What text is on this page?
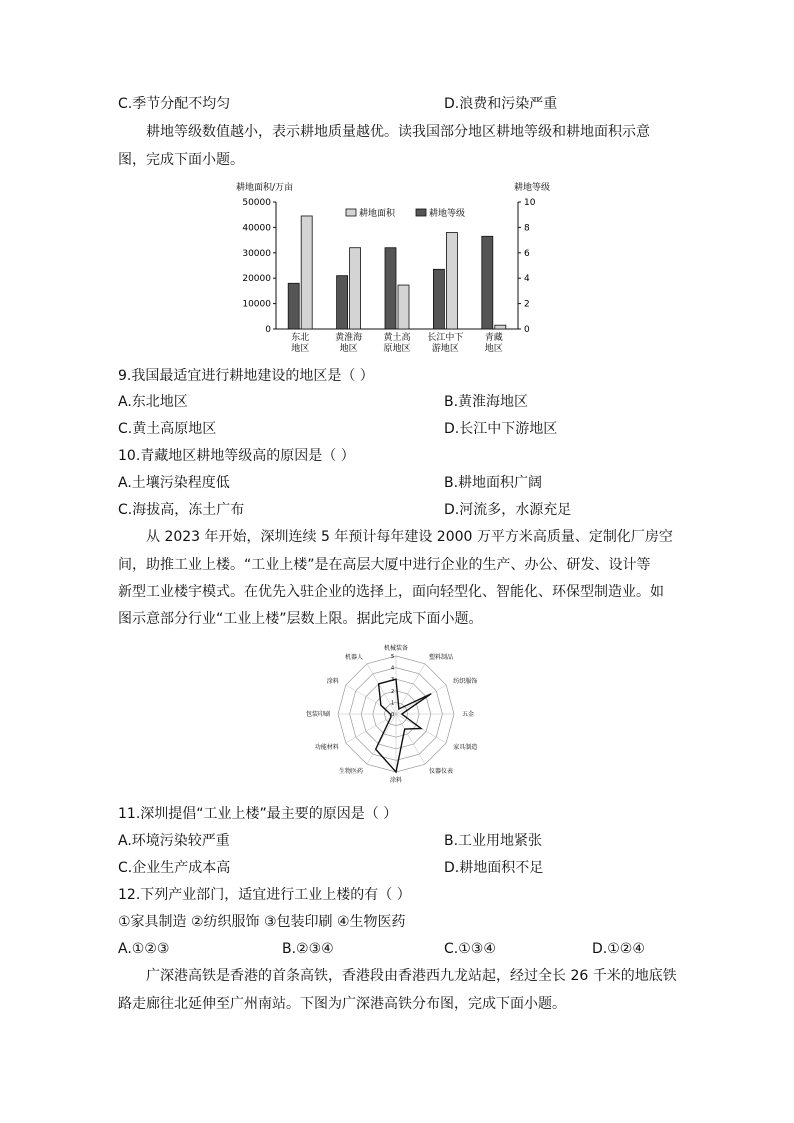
C.季节分配不均匀	D.浪费和污染严重
耕地等级数值越小，表示耕地质量越优。读我国部分地区耕地等级和耕地面积示意
图，完成下面小题。
耕地面积/万亩	耕地等级
0
10000
20000
30000
40000
50000
0
2
4
6
8
10
东北
地区
黄淮海
地区
黄土高
原地区
长江中下
游地区
青藏
地区
耕地面积	耕地等级
9.我国最适宜进行耕地建设的地区是（ ）
A.东北地区	B.黄淮海地区
C.黄土高原地区	D.长江中下游地区
10.青藏地区耕地等级高的原因是（ ）
A.土壤污染程度低	B.耕地面积广阔
C.海拔高，冻土广布	D.河流多，水源充足
从 2023 年开始，深圳连续 5 年预计每年建设 2000 万平方米高质量、定制化厂房空
间，助推工业上楼。“工业上楼”是在高层大厦中进行企业的生产、办公、研发、设计等
新型工业楼宇模式。在优先入驻企业的选择上，面向轻型化、智能化、环保型制造业。如
图示意部分行业“工业上楼”层数上限。据此完成下面小题。
机械装备
塑料制品
纺织服饰
五金
家具制造
仪器仪表
涂料
生物医药
功能材料
包装印刷
涂料
机器人
0
1
2
3
4
5
11.深圳提倡“工业上楼”最主要的原因是（ ）
A.环境污染较严重	B.工业用地紧张
C.企业生产成本高	D.耕地面积不足
12.下列产业部门，适宜进行工业上楼的有（ ）
①家具制造 ②纺织服饰 ③包装印刷 ④生物医药
A.①②③	B.②③④	C.①③④	D.①②④
广深港高铁是香港的首条高铁，香港段由香港西九龙站起，经过全长 26 千米的地底铁
路走廊往北延伸至广州南站。下图为广深港高铁分布图，完成下面小题。
